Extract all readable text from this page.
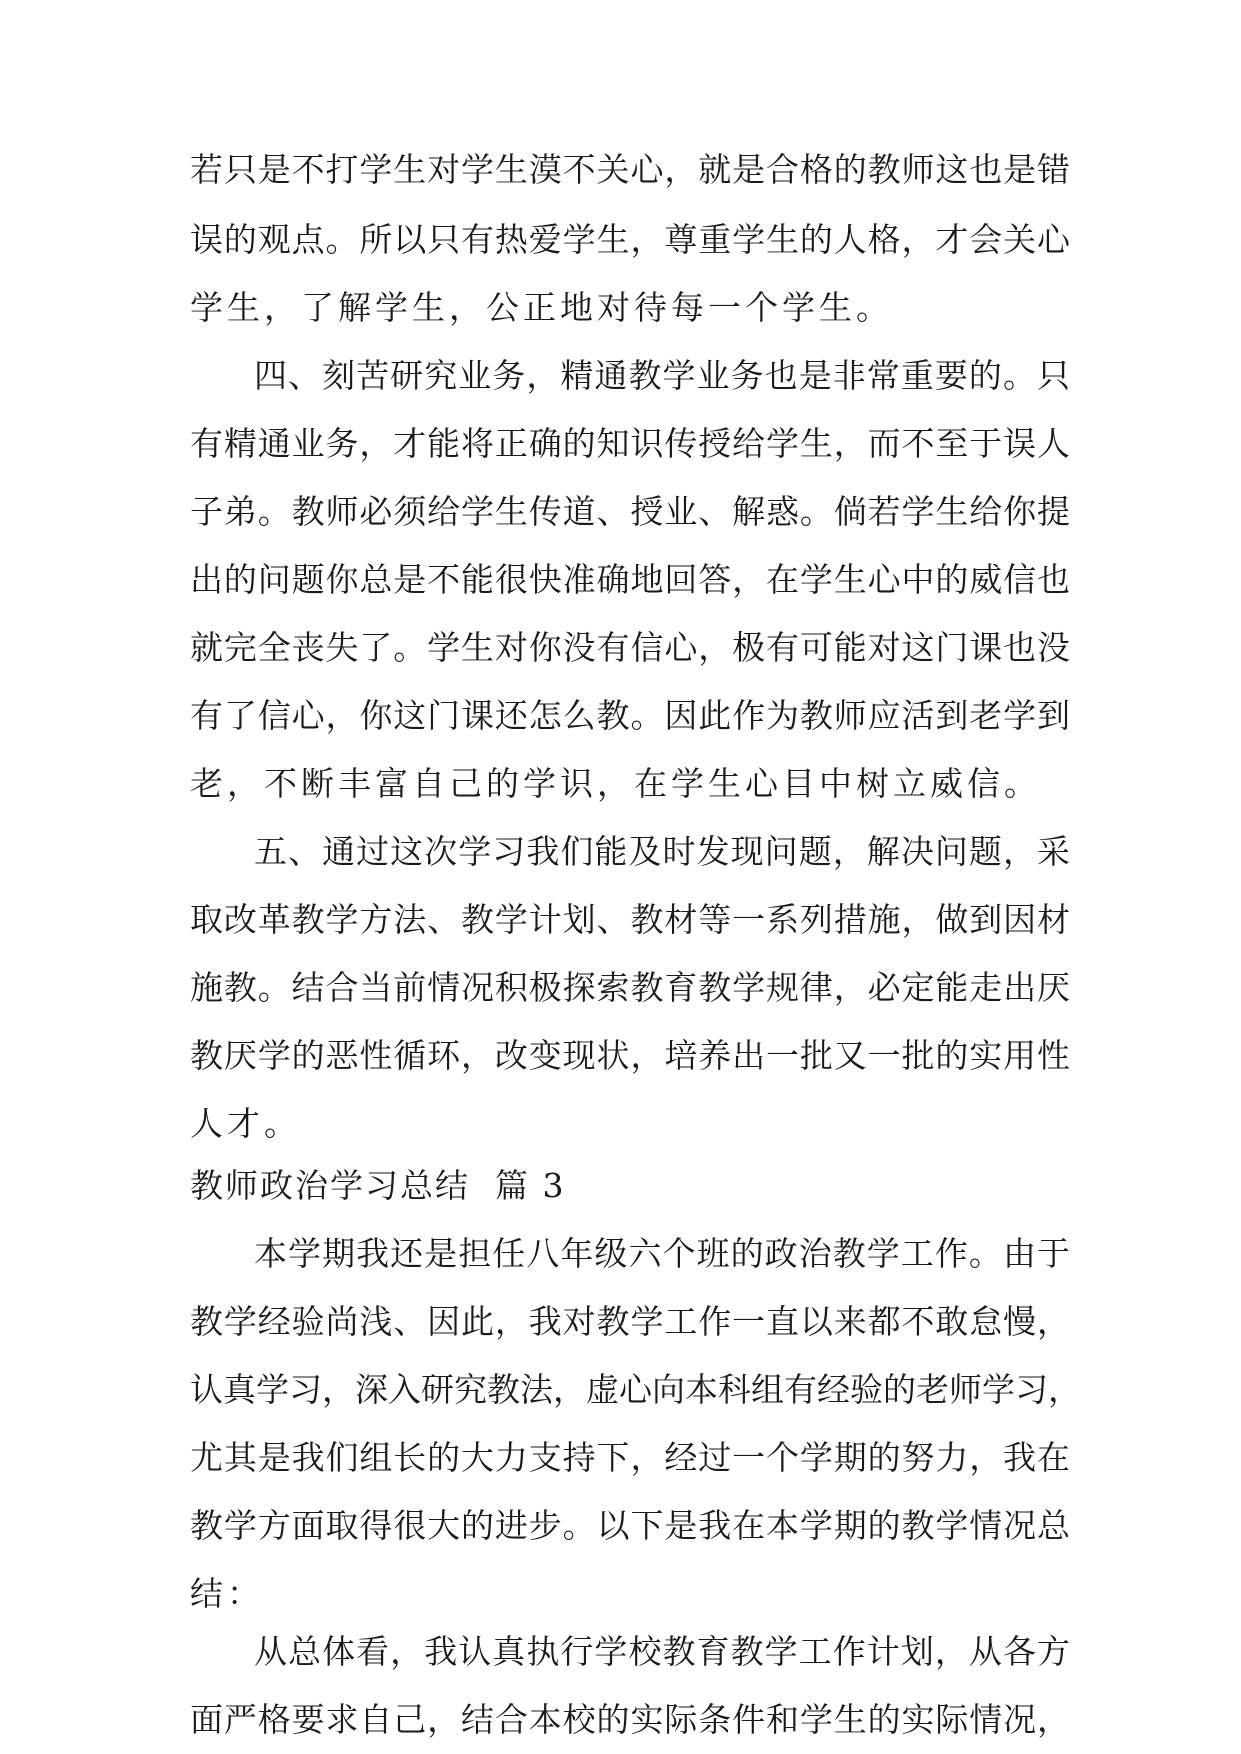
若只是不打学生对学生漠不关心，就是合格的教师这也是错
误的观点。所以只有热爱学生，尊重学生的人格，才会关心
学生，了解学生，公正地对待每一个学生。
四、刻苦研究业务，精通教学业务也是非常重要的。只
有精通业务，才能将正确的知识传授给学生，而不至于误人
子弟。教师必须给学生传道、授业、解惑。倘若学生给你提
出的问题你总是不能很快准确地回答，在学生心中的威信也
就完全丧失了。学生对你没有信心，极有可能对这门课也没
有了信心，你这门课还怎么教。因此作为教师应活到老学到
老，不断丰富自己的学识，在学生心目中树立威信。
五、通过这次学习我们能及时发现问题，解决问题，采
取改革教学方法、教学计划、教材等一系列措施，做到因材
施教。结合当前情况积极探索教育教学规律，必定能走出厌
教厌学的恶性循环，改变现状，培养出一批又一批的实用性
人才。
教师政治学习总结  篇 3
本学期我还是担任八年级六个班的政治教学工作。由于
教学经验尚浅、因此，我对教学工作一直以来都不敢怠慢，
认真学习，深入研究教法，虚心向本科组有经验的老师学习，
尤其是我们组长的大力支持下，经过一个学期的努力，我在
教学方面取得很大的进步。以下是我在本学期的教学情况总
结：
从总体看，我认真执行学校教育教学工作计划，从各方
面严格要求自己，结合本校的实际条件和学生的实际情况，
